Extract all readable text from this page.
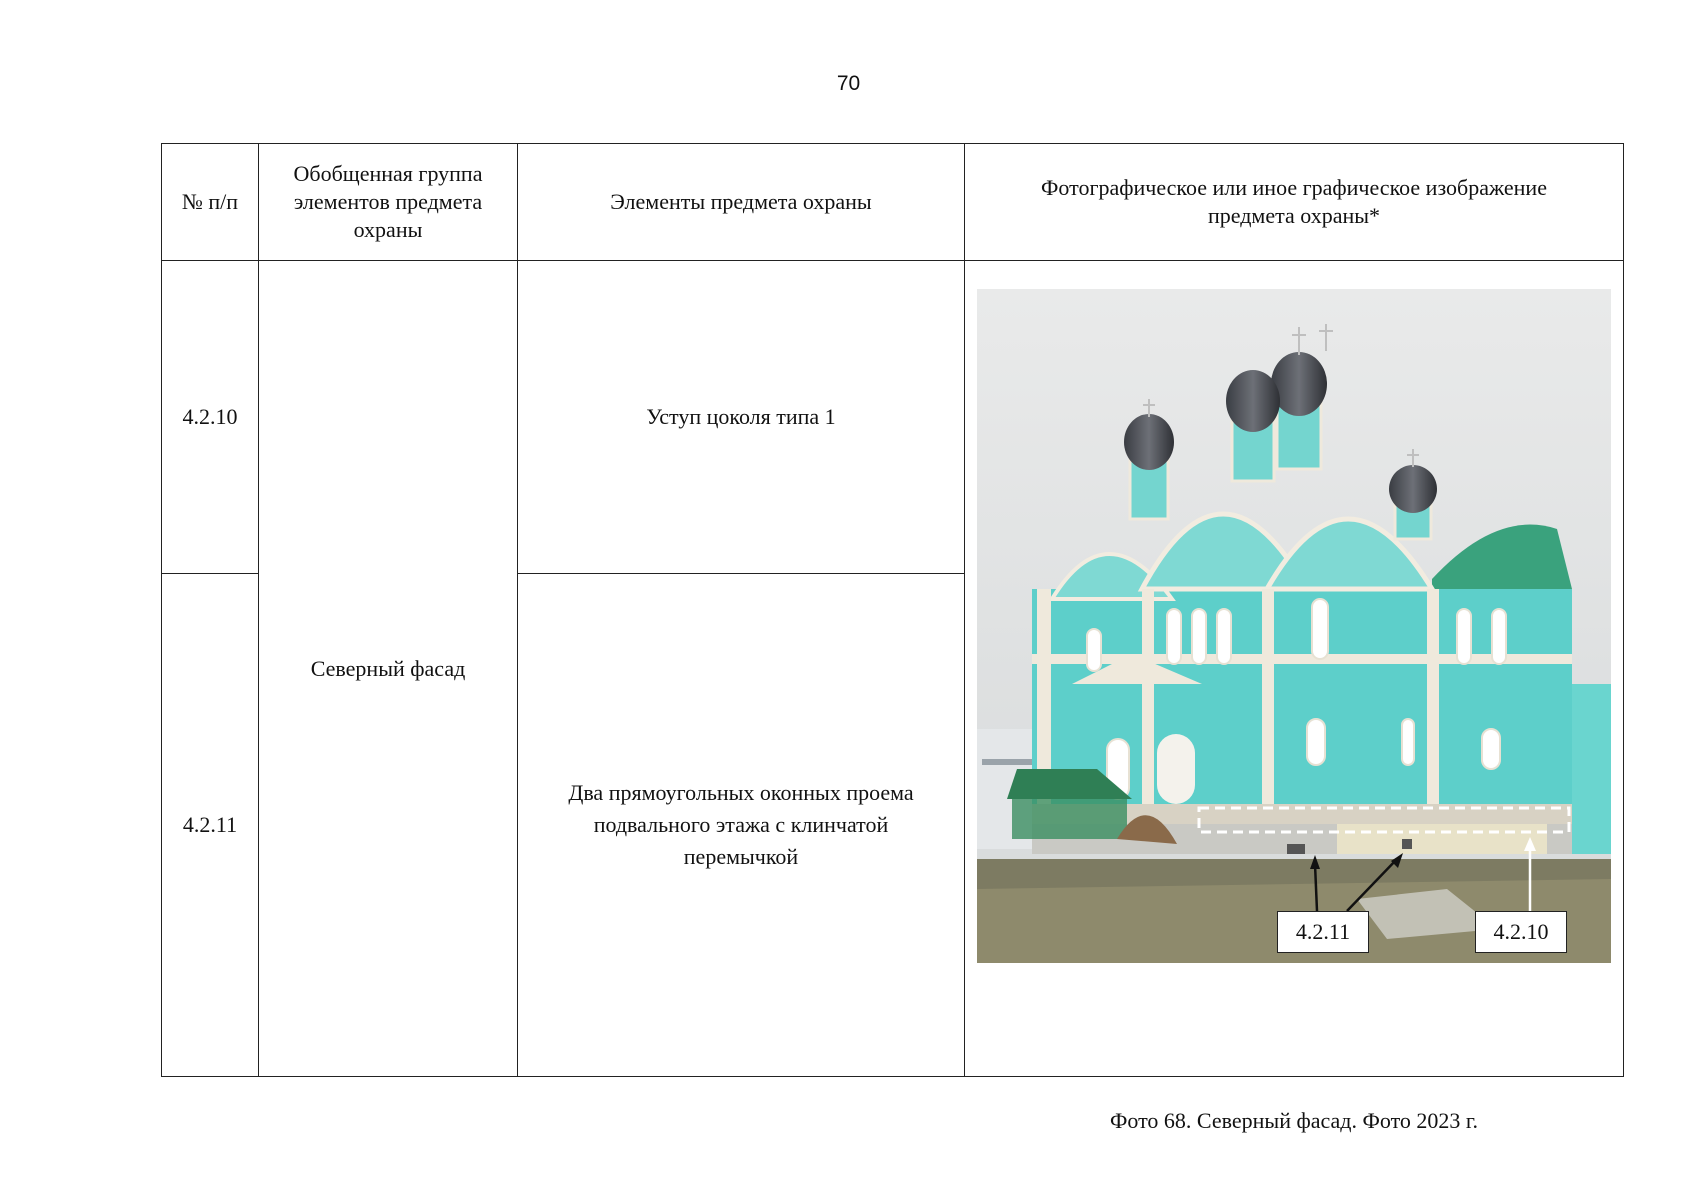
70
№ п/п	Обобщенная группа элементов предмета охраны	Элементы предмета охраны	Фотографическое или иное графическое изображение предмета охраны*

4.2.10	Северный фасад	Уступ цоколя типа 1	4.2.11 4.2.10
Фото 68. Северный фасад. Фото 2023 г.

4.2.11		Два прямоугольных оконных проема подвального этажа с клинчатой перемычкой	
